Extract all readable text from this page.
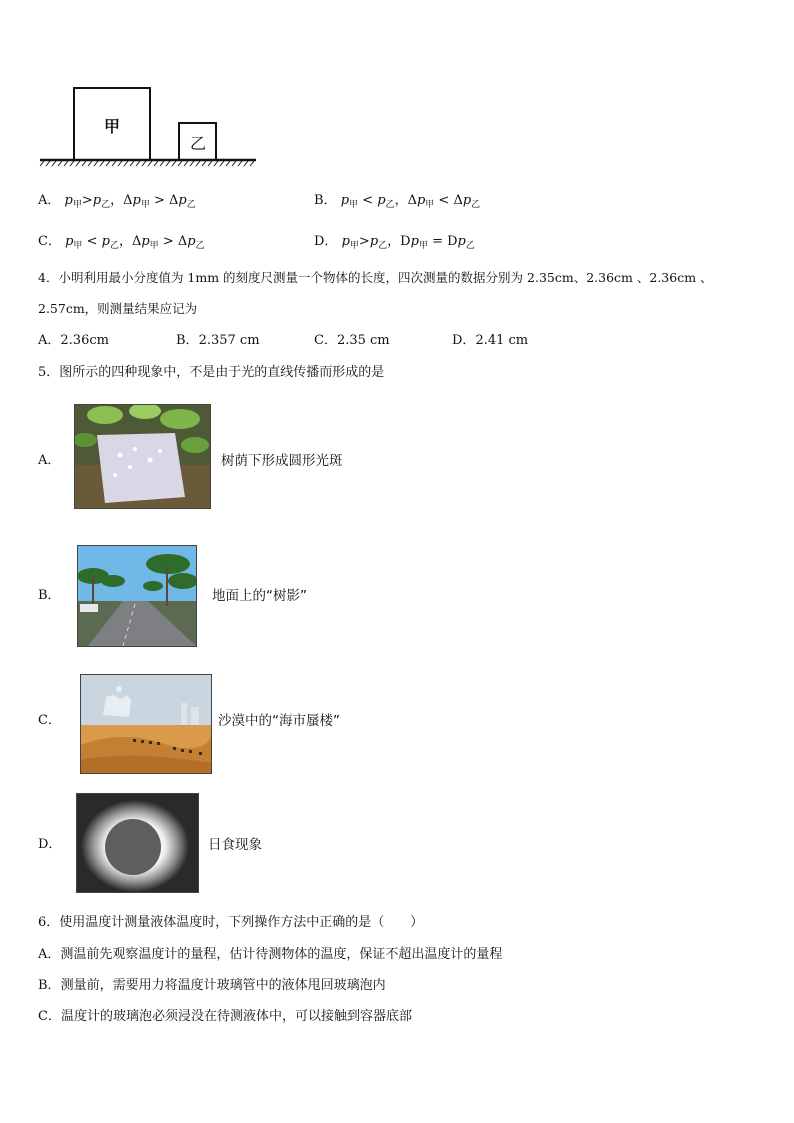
甲
乙
A． $p_甲>p_乙$，$\Delta p_甲 > \Delta p_乙$	B． $p_甲 < p_乙$，$\Delta p_甲 < \Delta p_乙$
C． $p_甲 < p_乙$，$\Delta p_甲 > \Delta p_乙$	D． $p_甲>p_乙$，$Dp_甲 = Dp_乙$
4．小明利用最小分度值为 1mm 的刻度尺测量一个物体的长度，四次测量的数据分别为 2.35cm、2.36cm 、2.36cm 、
2.57cm，则测量结果应记为
A．2.36cm	B．2.357 cm	C．2.35 cm	D．2.41 cm
5．图所示的四种现象中，不是由于光的直线传播而形成的是
A．	树荫下形成圆形光斑
B．	地面上的“树影”
C．	沙漠中的“海市蜃楼”
D．	日食现象
6．使用温度计测量液体温度时，下列操作方法中正确的是（　　）
A．测温前先观察温度计的量程，估计待测物体的温度，保证不超出温度计的量程
B．测量前，需要用力将温度计玻璃管中的液体甩回玻璃泡内
C．温度计的玻璃泡必须浸没在待测液体中，可以接触到容器底部
